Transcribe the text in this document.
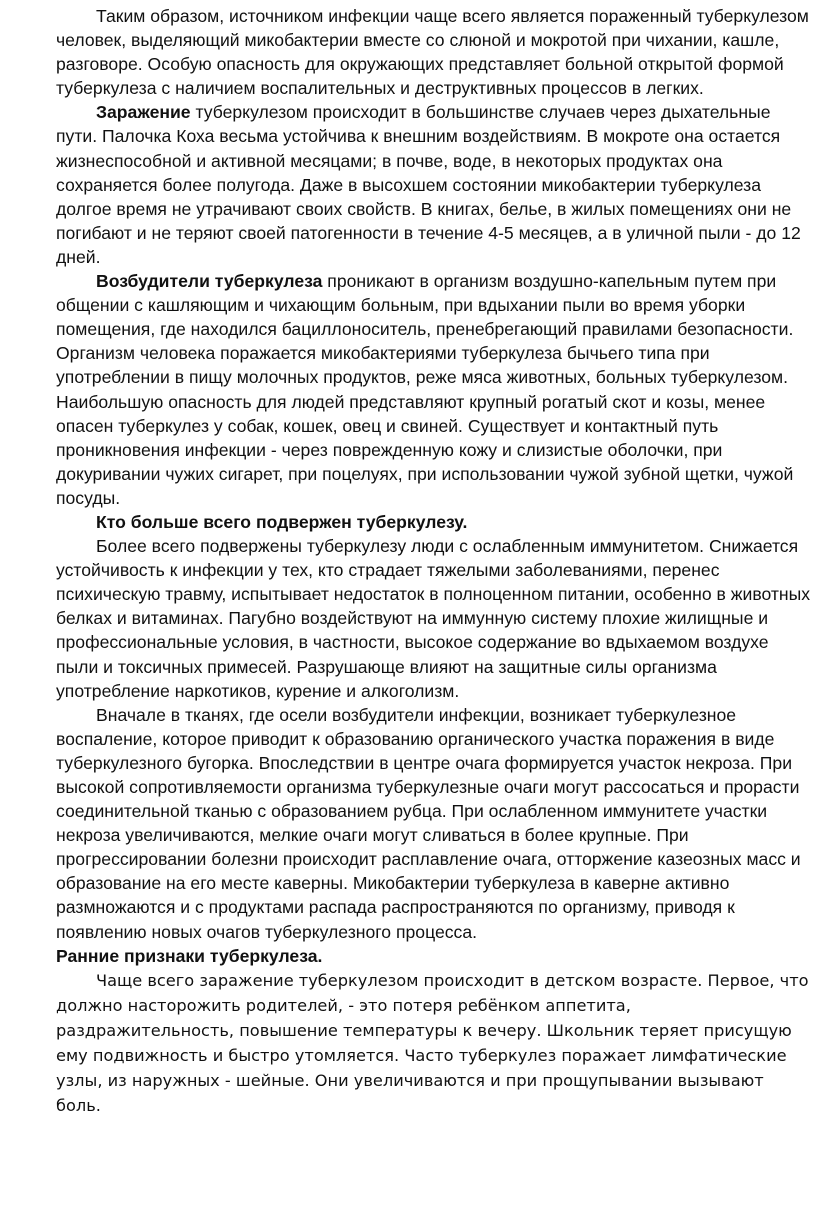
Таким образом, источником инфекции чаще всего является пораженный туберкулезом человек, выделяющий микобактерии вместе со слюной и мокротой при чихании, кашле, разговоре. Особую опасность для окружающих представляет больной открытой формой туберкулеза с наличием воспалительных и деструктивных процессов в легких.

Заражение туберкулезом происходит в большинстве случаев через дыхательные пути. Палочка Коха весьма устойчива к внешним воздействиям. В мокроте она остается жизнеспособной и активной месяцами; в почве, воде, в некоторых продуктах она сохраняется более полугода. Даже в высохшем состоянии микобактерии туберкулеза долгое время не утрачивают своих свойств. В книгах, белье, в жилых помещениях они не погибают и не теряют своей патогенности в течение 4-5 месяцев, а в уличной пыли - до 12 дней.

Возбудители туберкулеза проникают в организм воздушно-капельным путем при общении с кашляющим и чихающим больным, при вдыхании пыли во время уборки помещения, где находился бациллоноситель, пренебрегающий правилами безопасности. Организм человека поражается микобактериями туберкулеза бычьего типа при употреблении в пищу молочных продуктов, реже мяса животных, больных туберкулезом. Наибольшую опасность для людей представляют крупный рогатый скот и козы, менее опасен туберкулез у собак, кошек, овец и свиней. Существует и контактный путь проникновения инфекции - через поврежденную кожу и слизистые оболочки, при докуривании чужих сигарет, при поцелуях, при использовании чужой зубной щетки, чужой посуды.

Кто больше всего подвержен туберкулезу.

Более всего подвержены туберкулезу люди с ослабленным иммунитетом. Снижается устойчивость к инфекции у тех, кто страдает тяжелыми заболеваниями, перенес психическую травму, испытывает недостаток в полноценном питании, особенно в животных белках и витаминах. Пагубно воздействуют на иммунную систему плохие жилищные и профессиональные условия, в частности, высокое содержание во вдыхаемом воздухе пыли и токсичных примесей. Разрушающе влияют на защитные силы организма употребление наркотиков, курение и алкоголизм.

Вначале в тканях, где осели возбудители инфекции, возникает туберкулезное воспаление, которое приводит к образованию органического участка поражения в виде туберкулезного бугорка. Впоследствии в центре очага формируется участок некроза. При высокой сопротивляемости организма туберкулезные очаги могут рассосаться и прорасти соединительной тканью с образованием рубца. При ослабленном иммунитете участки некроза увеличиваются, мелкие очаги могут сливаться в более крупные. При прогрессировании болезни происходит расплавление очага, отторжение казеозных масс и образование на его месте каверны. Микобактерии туберкулеза в каверне активно размножаются и с продуктами распада распространяются по организму, приводя к появлению новых очагов туберкулезного процесса.

Ранние признаки туберкулеза.

Чаще всего заражение туберкулезом происходит в детском возрасте. Первое, что должно насторожить родителей, - это потеря ребёнком аппетита, раздражительность, повышение температуры к вечеру. Школьник теряет присущую ему подвижность и быстро утомляется. Часто туберкулез поражает лимфатические узлы, из наружных - шейные. Они увеличиваются и при прощупывании вызывают боль.
